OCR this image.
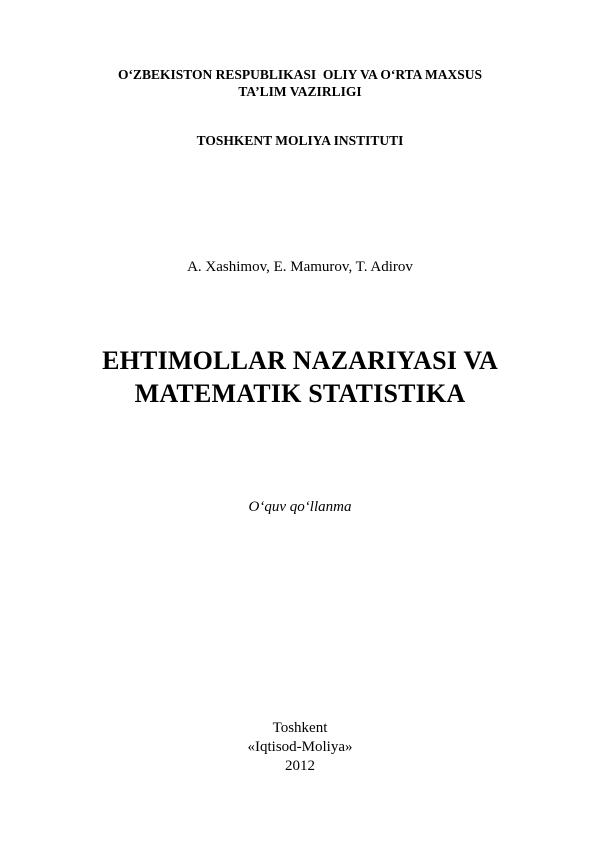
O‘ZBEKISTON RESPUBLIKASI  OLIY VA O‘RTA MAXSUS
TA’LIM VAZIRLIGI
TOSHKENT MOLIYA INSTITUTI
A. Xashimov, E. Mamurov, T. Adirov
EHTIMOLLAR NAZARIYASI VA
MATEMATIK STATISTIKA
O‘quv qo‘llanma
Toshkent
«Iqtisod-Moliya»
2012
